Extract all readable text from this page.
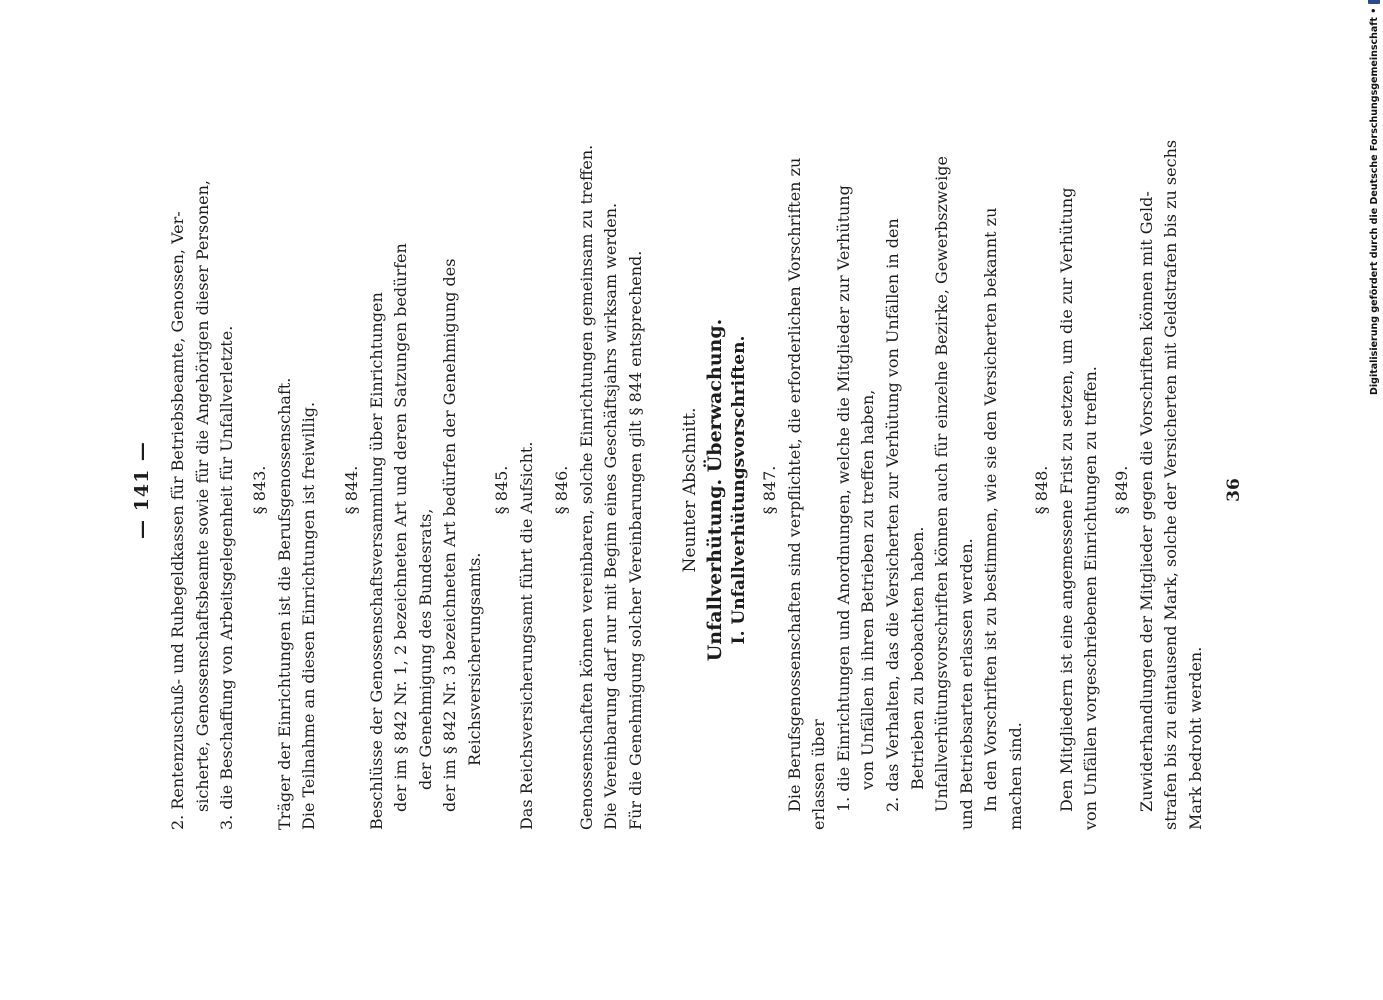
— 141 — 2. Rentenzuschuß- und Ruhegeldkassen für Betriebsbeamte, Genossen, Ver- sicherte, Genossenschaftsbeamte sowie für die Angehörigen dieser Personen, 3. die Beschaffung von Arbeitsgelegenheit für Unfallverletzte. § 843. Träger der Einrichtungen ist die Berufsgenossenschaft. Die Teilnahme an diesen Einrichtungen ist freiwillig. § 844. Beschlüsse der Genossenschaftsversammlung über Einrichtungen der im § 842 Nr. 1, 2 bezeichneten Art und deren Satzungen bedürfen der Genehmigung des Bundesrats, der im § 842 Nr. 3 bezeichneten Art bedürfen der Genehmigung des Reichsversicherungsamts.
§ 845. Das Reichsversicherungsamt führt die Aufsicht. § 846. Genossenschaften können vereinbaren, solche Einrichtungen gemeinsam zu treffen. Die Vereinbarung darf nur mit Beginn eines Geschäftsjahrs wirksam werden. Für die Genehmigung solcher Vereinbarungen gilt § 844 entsprechend. Neunter Abschnitt. Unfallverhütung. Überwachung. I. Unfallverhütungsvorschriften. § 847. Die Berufsgenossenschaften sind verpflichtet, die erforderlichen Vorschriften zu erlassen über 1. die Einrichtungen und Anordnungen, welche die Mitglieder zur Verhütung von Unfällen in ihren Betrieben zu treffen haben, 2. das Verhalten, das die Versicherten zur Verhütung von Unfällen in den Betrieben zu beobachten haben. Unfallverhütungsvorschriften können auch für einzelne Bezirke, Gewerbszweige und Betriebsarten erlassen werden. In den Vorschriften ist zu bestimmen, wie sie den Versicherten bekannt zu machen sind.
§ 848. Den Mitgliedern ist eine angemessene Frist zu setzen, um die zur Verhütung von Unfällen vorgeschriebenen Einrichtungen zu treffen. § 849. Zuwiderhandlungen der Mitglieder gegen die Vorschriften können mit Geld- strafen bis zu eintausend Mark, solche der Versicherten mit Geldstrafen bis zu sechs Mark bedroht werden.
36
Digitalisierung gefördert durch die Deutsche Forschungsgemeinschaft •
